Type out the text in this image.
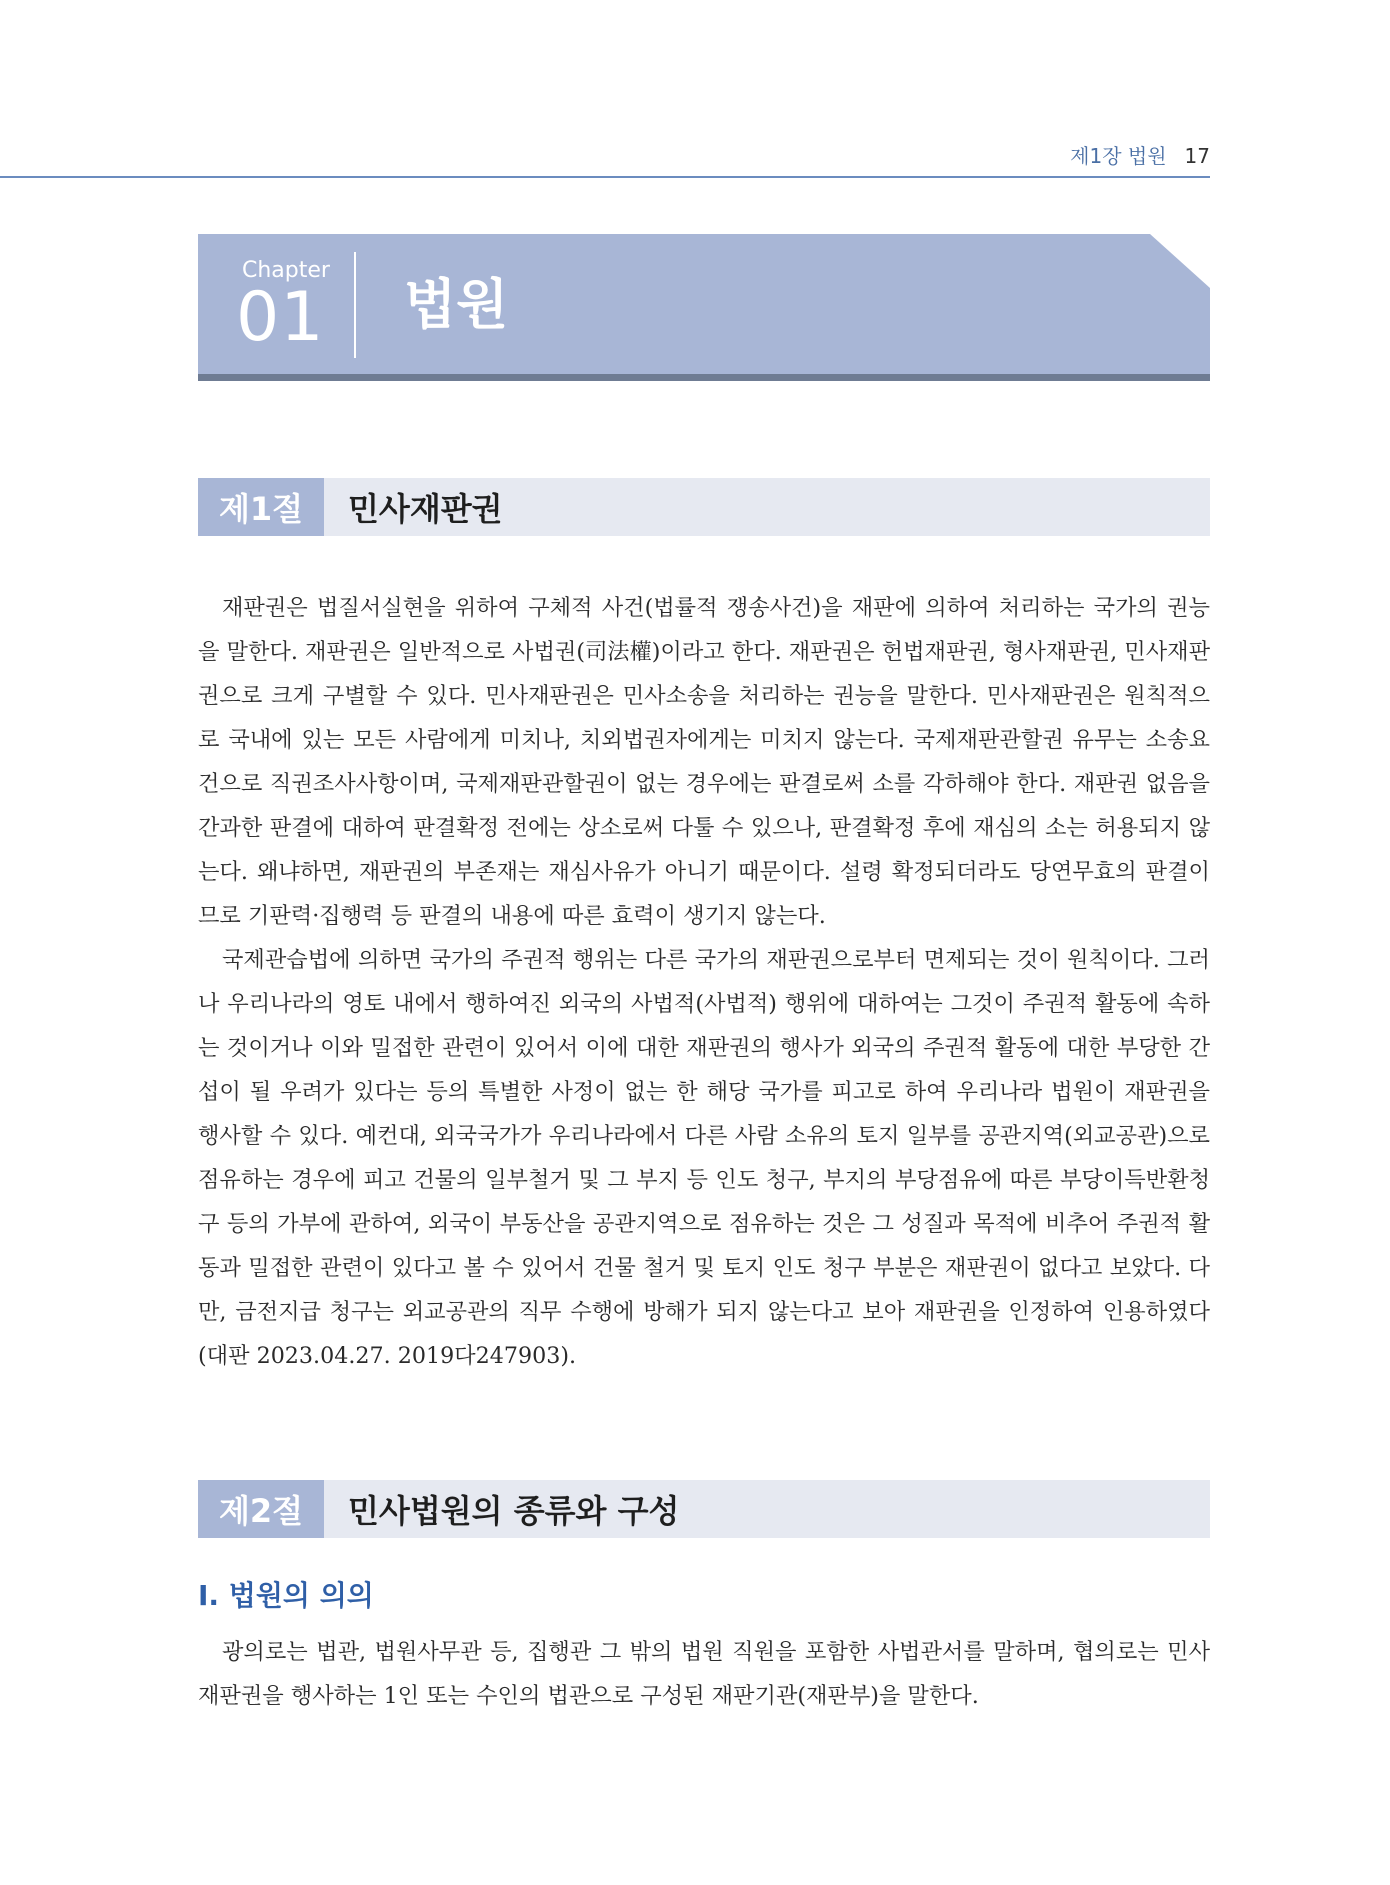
제1장 법원 17
Chapter
01 법원
제1절	민사재판권

재판권은 법질서실현을 위하여 구체적 사건(법률적 쟁송사건)을 재판에 의하여 처리하는 국가의 권능을 말한다. 재판권은 일반적으로 사법권(司法權)이라고 한다. 재판권은 헌법재판권, 형사재판권, 민사재판권으로 크게 구별할 수 있다. 민사재판권은 민사소송을 처리하는 권능을 말한다. 민사재판권은 원칙적으로 국내에 있는 모든 사람에게 미치나, 치외법권자에게는 미치지 않는다. 국제재판관할권 유무는 소송요건으로 직권조사사항이며, 국제재판관할권이 없는 경우에는 판결로써 소를 각하해야 한다. 재판권 없음을 간과한 판결에 대하여 판결확정 전에는 상소로써 다툴 수 있으나, 판결확정 후에 재심의 소는 허용되지 않는다. 왜냐하면, 재판권의 부존재는 재심사유가 아니기 때문이다. 설령 확정되더라도 당연무효의 판결이므로 기판력·집행력 등 판결의 내용에 따른 효력이 생기지 않는다.

국제관습법에 의하면 국가의 주권적 행위는 다른 국가의 재판권으로부터 면제되는 것이 원칙이다. 그러나 우리나라의 영토 내에서 행하여진 외국의 사법적(사법적) 행위에 대하여는 그것이 주권적 활동에 속하는 것이거나 이와 밀접한 관련이 있어서 이에 대한 재판권의 행사가 외국의 주권적 활동에 대한 부당한 간섭이 될 우려가 있다는 등의 특별한 사정이 없는 한 해당 국가를 피고로 하여 우리나라 법원이 재판권을 행사할 수 있다. 예컨대, 외국국가가 우리나라에서 다른 사람 소유의 토지 일부를 공관지역(외교공관)으로 점유하는 경우에 피고 건물의 일부철거 및 그 부지 등 인도 청구, 부지의 부당점유에 따른 부당이득반환청구 등의 가부에 관하여, 외국이 부동산을 공관지역으로 점유하는 것은 그 성질과 목적에 비추어 주권적 활동과 밀접한 관련이 있다고 볼 수 있어서 건물 철거 및 토지 인도 청구 부분은 재판권이 없다고 보았다. 다만, 금전지급 청구는 외교공관의 직무 수행에 방해가 되지 않는다고 보아 재판권을 인정하여 인용하였다(대판 2023.04.27. 2019다247903).

제2절	민사법원의 종류와 구성
Ⅰ. 법원의 의의

광의로는 법관, 법원사무관 등, 집행관 그 밖의 법원 직원을 포함한 사법관서를 말하며, 협의로는 민사재판권을 행사하는 1인 또는 수인의 법관으로 구성된 재판기관(재판부)을 말한다.
